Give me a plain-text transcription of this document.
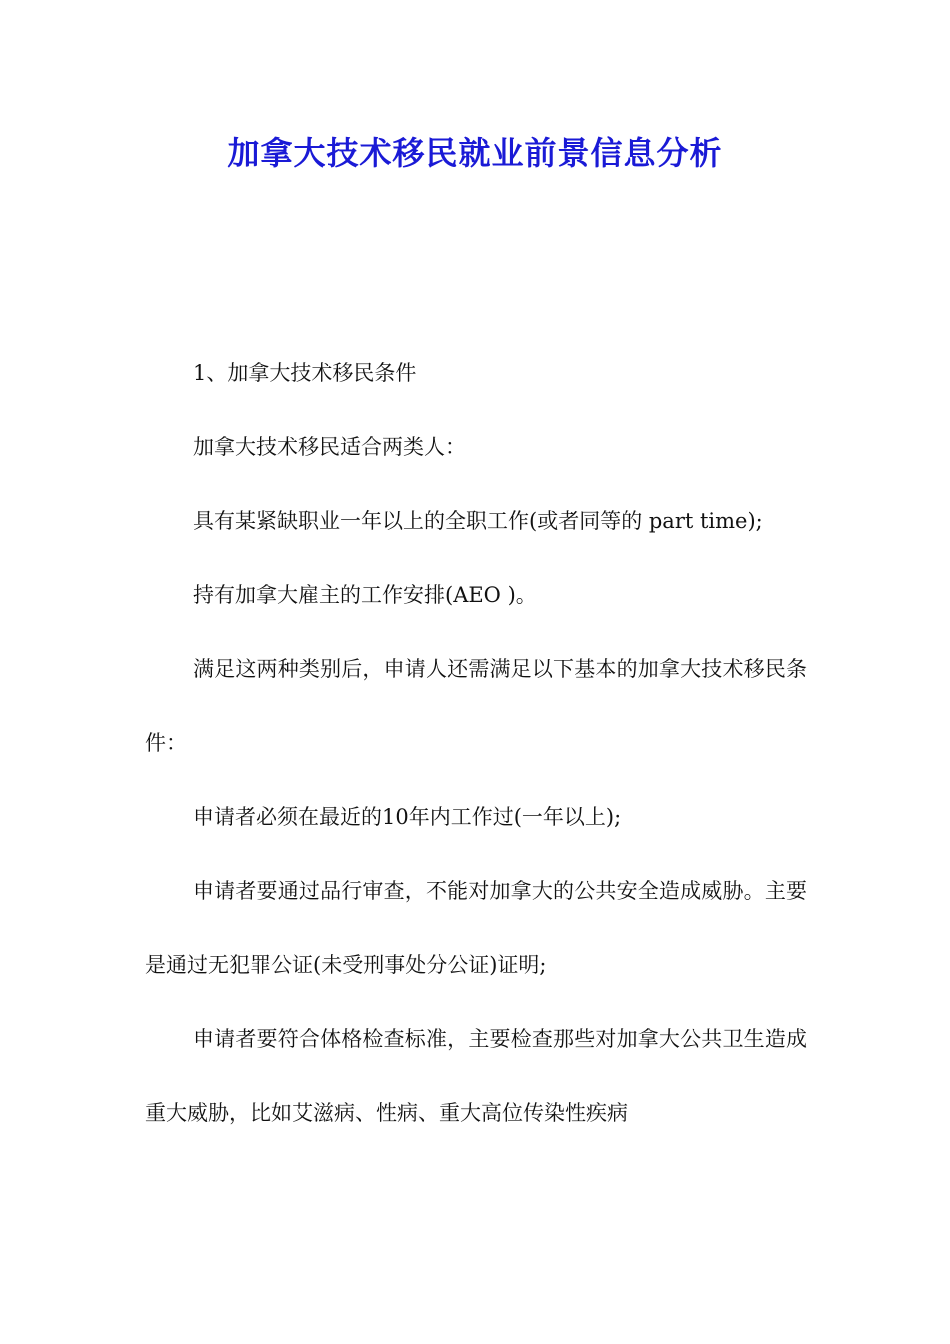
加拿大技术移民就业前景信息分析

1、加拿大技术移民条件

加拿大技术移民适合两类人：

具有某紧缺职业一年以上的全职工作(或者同等的 part time);

持有加拿大雇主的工作安排(AEO )。

满足这两种类别后，申请人还需满足以下基本的加拿大技术移民条件：

申请者必须在最近的10年内工作过(一年以上);

申请者要通过品行审查，不能对加拿大的公共安全造成威胁。主要是通过无犯罪公证(未受刑事处分公证)证明;

申请者要符合体格检查标准，主要检查那些对加拿大公共卫生造成重大威胁，比如艾滋病、性病、重大高位传染性疾病
